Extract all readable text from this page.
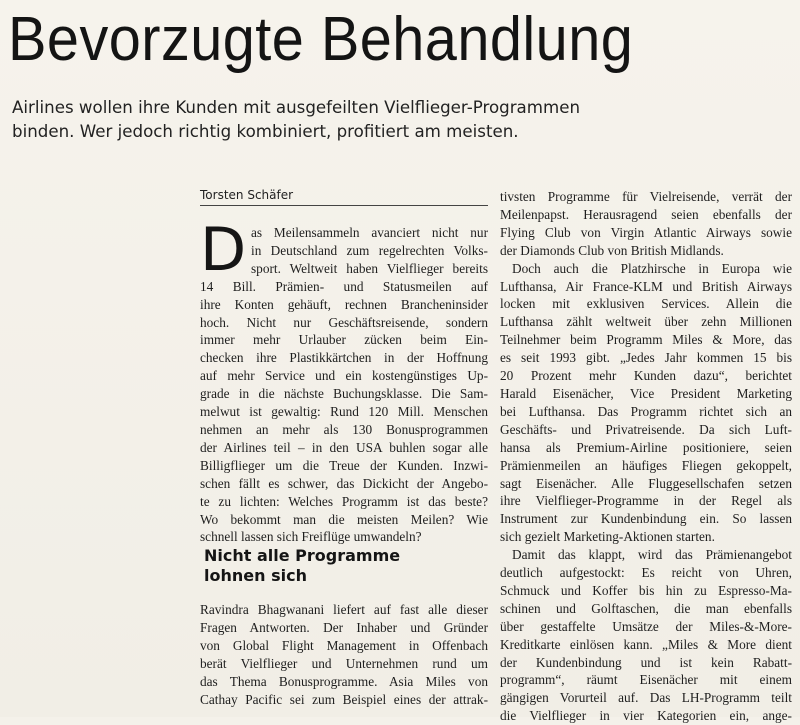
Bevorzugte Behandlung
Airlines wollen ihre Kunden mit ausgefeilten Vielflieger-Programmen
binden. Wer jedoch richtig kombiniert, profitiert am meisten.
Torsten Schäfer
D as Meilensammeln avanciert nicht nur
in Deutschland zum regelrechten Volks-
sport. Weltweit haben Vielflieger bereits
14 Bill. Prämien- und Statusmeilen auf
ihre Konten gehäuft, rechnen Brancheninsider
hoch. Nicht nur Geschäftsreisende, sondern
immer mehr Urlauber zücken beim Ein-
checken ihre Plastikkärtchen in der Hoffnung
auf mehr Service und ein kostengünstiges Up-
grade in die nächste Buchungsklasse. Die Sam-
melwut ist gewaltig: Rund 120 Mill. Menschen
nehmen an mehr als 130 Bonusprogrammen
der Airlines teil – in den USA buhlen sogar alle
Billigflieger um die Treue der Kunden. Inzwi-
schen fällt es schwer, das Dickicht der Angebo-
te zu lichten: Welches Programm ist das beste?
Wo bekommt man die meisten Meilen? Wie
schnell lassen sich Freiflüge umwandeln?
Nicht alle Programme
lohnen sich
Ravindra Bhagwanani liefert auf fast alle dieser
Fragen Antworten. Der Inhaber und Gründer
von Global Flight Management in Offenbach
berät Vielflieger und Unternehmen rund um
das Thema Bonusprogramme. Asia Miles von
Cathay Pacific sei zum Beispiel eines der attrak-
tivsten Programme für Vielreisende, verrät der
Meilenpapst. Herausragend seien ebenfalls der
Flying Club von Virgin Atlantic Airways sowie
der Diamonds Club von British Midlands.
Doch auch die Platzhirsche in Europa wie
Lufthansa, Air France-KLM und British Airways
locken mit exklusiven Services. Allein die
Lufthansa zählt weltweit über zehn Millionen
Teilnehmer beim Programm Miles & More, das
es seit 1993 gibt. „Jedes Jahr kommen 15 bis
20 Prozent mehr Kunden dazu“, berichtet
Harald Eisenächer, Vice President Marketing
bei Lufthansa. Das Programm richtet sich an
Geschäfts- und Privatreisende. Da sich Luft-
hansa als Premium-Airline positioniere, seien
Prämienmeilen an häufiges Fliegen gekoppelt,
sagt Eisenächer. Alle Fluggesellschafen setzen
ihre Vielflieger-Programme in der Regel als
Instrument zur Kundenbindung ein. So lassen
sich gezielt Marketing-Aktionen starten.
Damit das klappt, wird das Prämienangebot
deutlich aufgestockt: Es reicht von Uhren,
Schmuck und Koffer bis hin zu Espresso-Ma-
schinen und Golftaschen, die man ebenfalls
über gestaffelte Umsätze der Miles-&-More-
Kreditkarte einlösen kann. „Miles & More dient
der Kundenbindung und ist kein Rabatt-
programm“, räumt Eisenächer mit einem
gängigen Vorurteil auf. Das LH-Programm teilt
die Vielflieger in vier Kategorien ein, ange-
